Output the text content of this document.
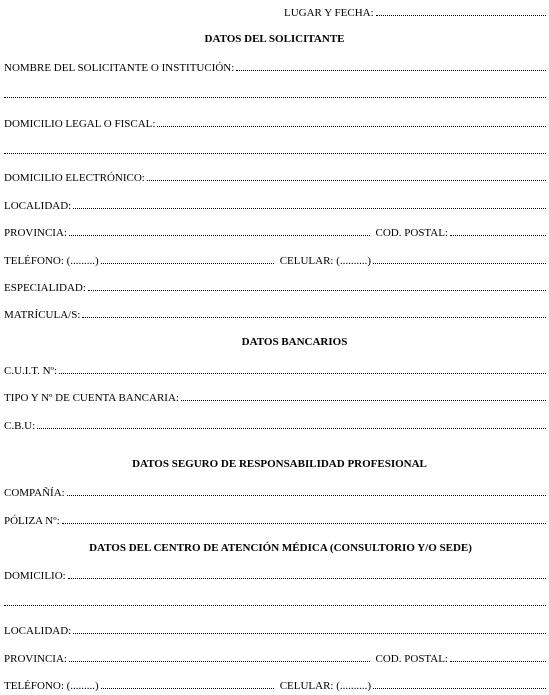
LUGAR Y FECHA:
DATOS DEL SOLICITANTE
NOMBRE DEL SOLICITANTE O INSTITUCIÓN:
DOMICILIO LEGAL O FISCAL:
DOMICILIO ELECTRÓNICO:
LOCALIDAD:
PROVINCIA:	COD. POSTAL:
TELÉFONO: (.........)	CELULAR: (..........)
ESPECIALIDAD:
MATRÍCULA/S:
DATOS BANCARIOS
C.U.I.T. Nº:
TIPO Y Nº DE CUENTA BANCARIA:
C.B.U:
DATOS SEGURO DE RESPONSABILIDAD PROFESIONAL
COMPAÑÍA:
PÓLIZA Nº:
DATOS DEL CENTRO DE ATENCIÓN MÉDICA (CONSULTORIO Y/O SEDE)
DOMICILIO:
LOCALIDAD:
PROVINCIA:	COD. POSTAL:
TELÉFONO: (.........)	CELULAR: (..........)
